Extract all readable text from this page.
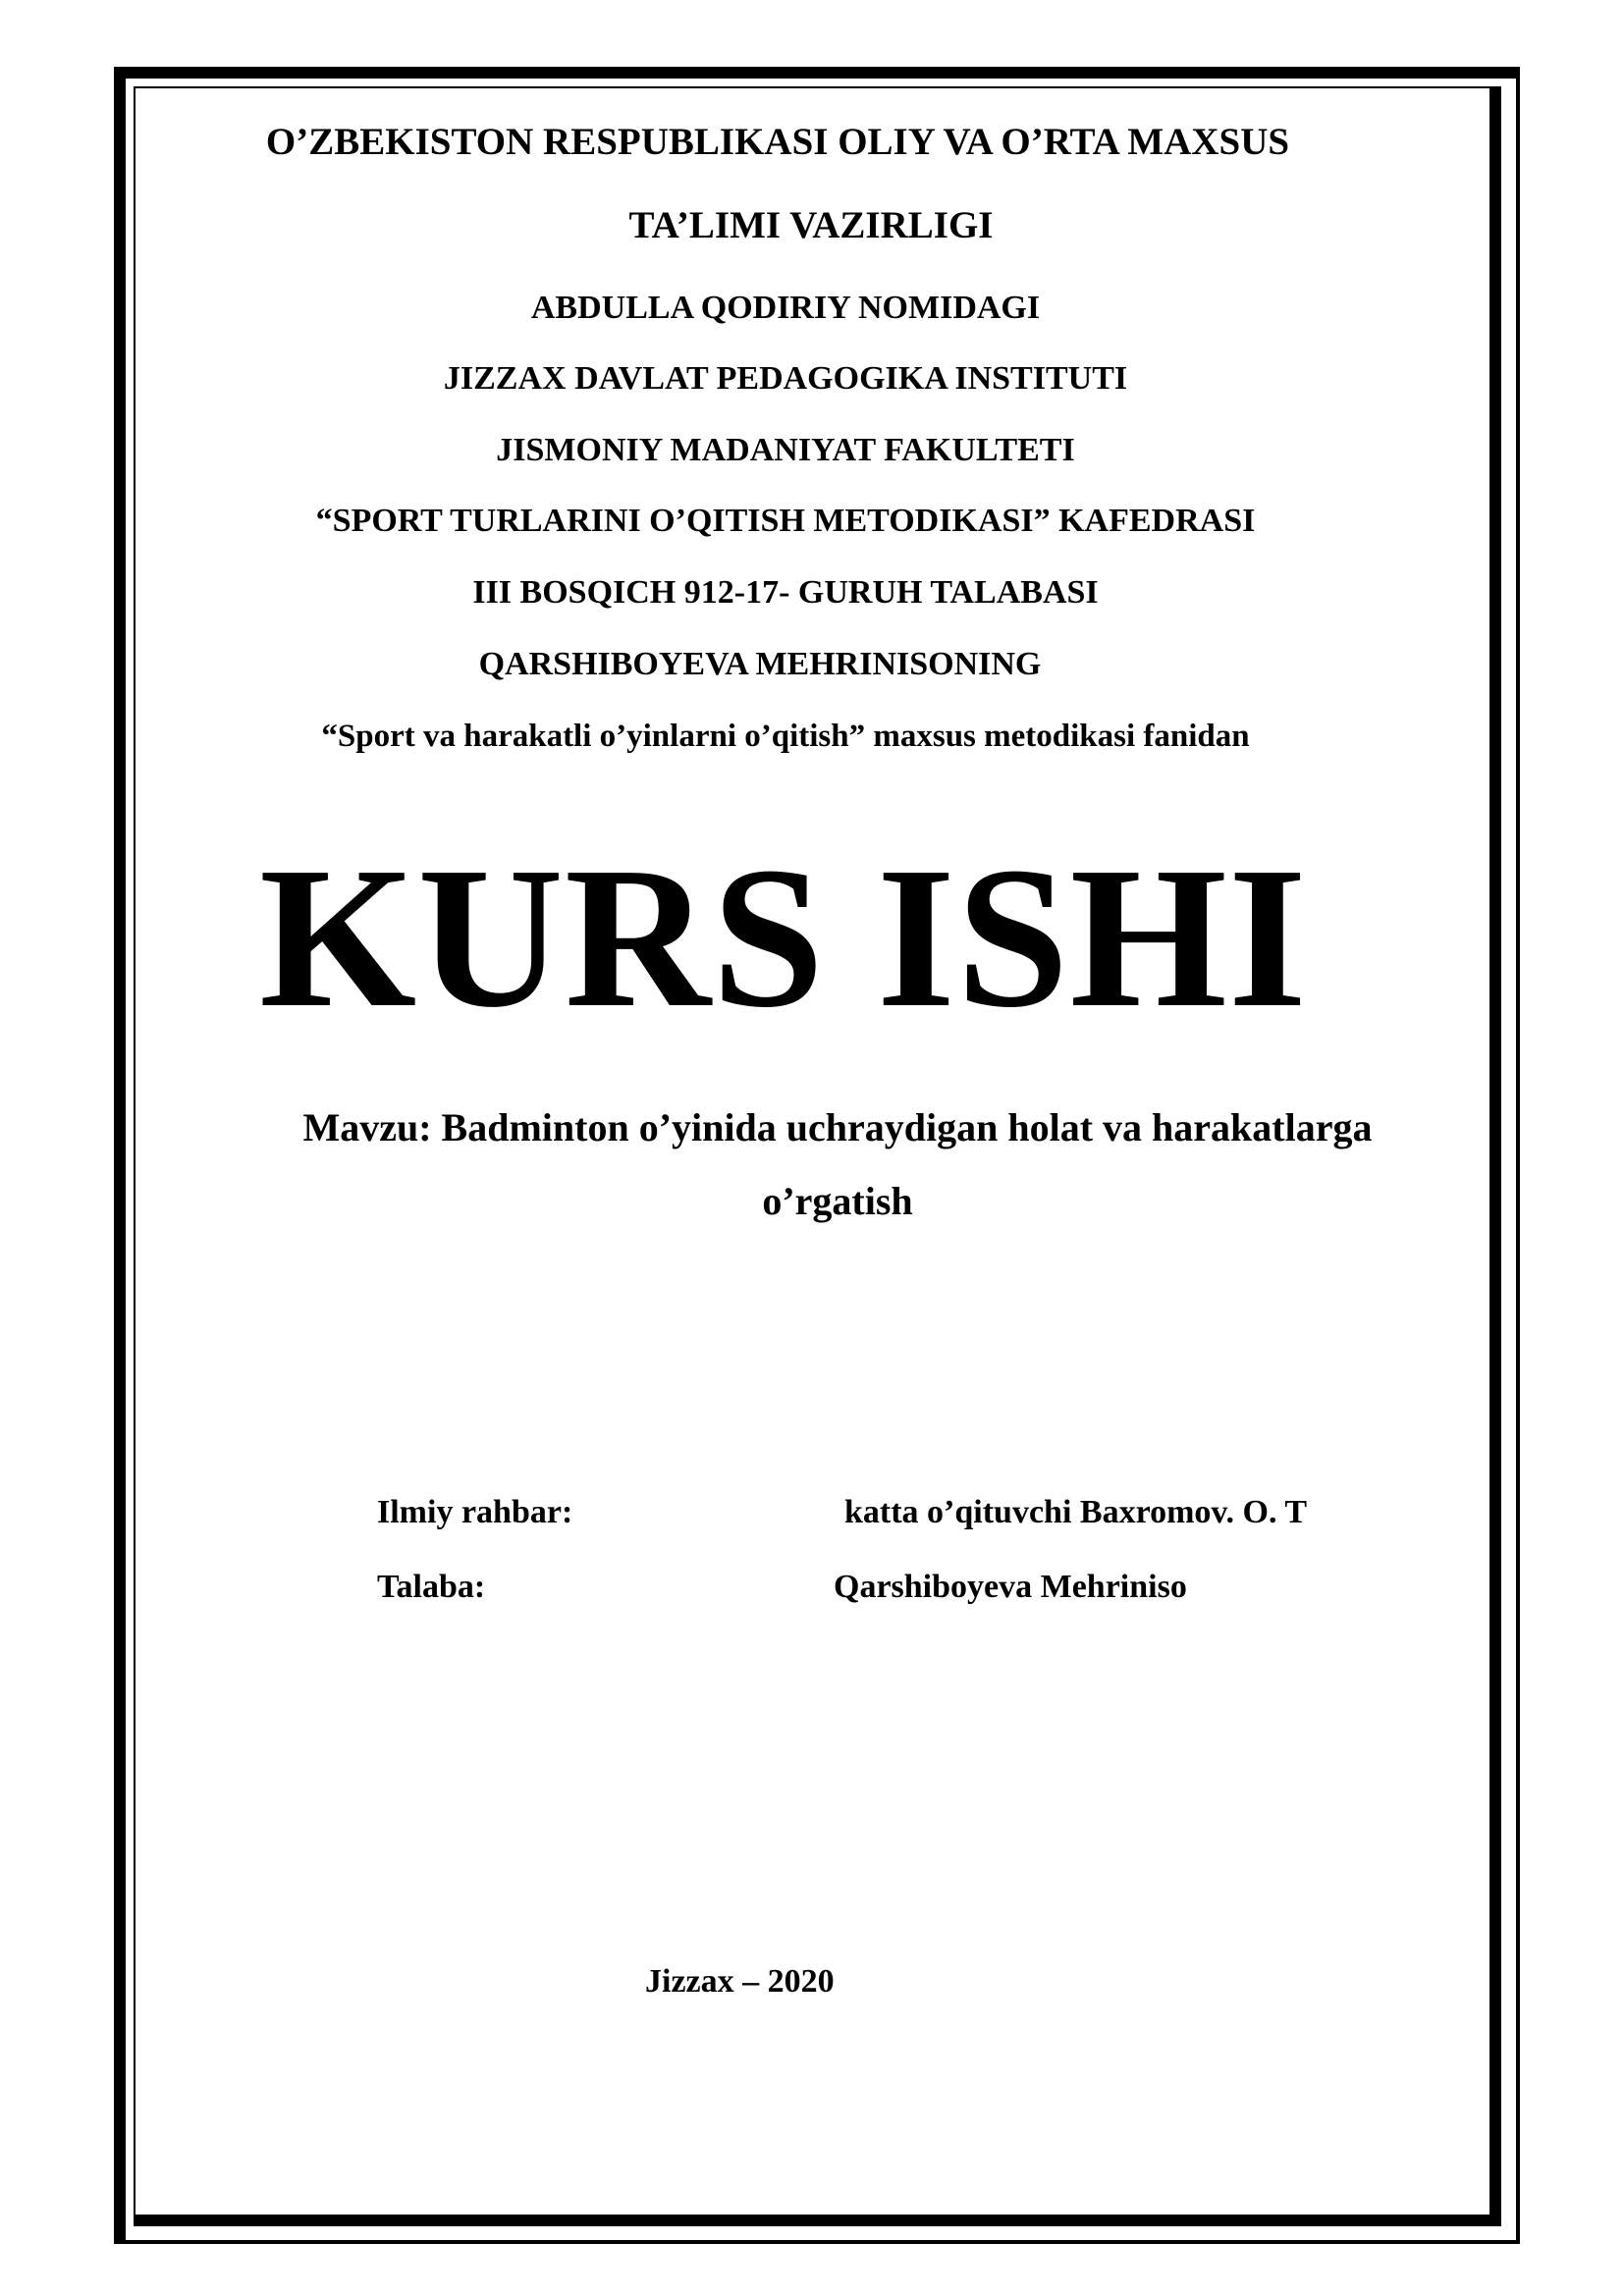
O’ZBEKISTON RESPUBLIKASI OLIY VA O’RTA MAXSUS
TA’LIMI VAZIRLIGI
ABDULLA QODIRIY NOMIDAGI
JIZZAX DAVLAT PEDAGOGIKA INSTITUTI
JISMONIY MADANIYAT FAKULTETI
“SPORT TURLARINI O’QITISH METODIKASI” KAFEDRASI
III BOSQICH 912-17- GURUH TALABASI
QARSHIBOYEVA MEHRINISONING
“Sport va harakatli o’yinlarni o’qitish” maxsus metodikasi fanidan
KURS ISHI
Mavzu: Badminton o’yinida uchraydigan holat va harakatlarga
o’rgatish
Ilmiy rahbar:	katta o’qituvchi Baxromov. O. T
Talaba:	Qarshiboyeva Mehriniso
Jizzax – 2020
